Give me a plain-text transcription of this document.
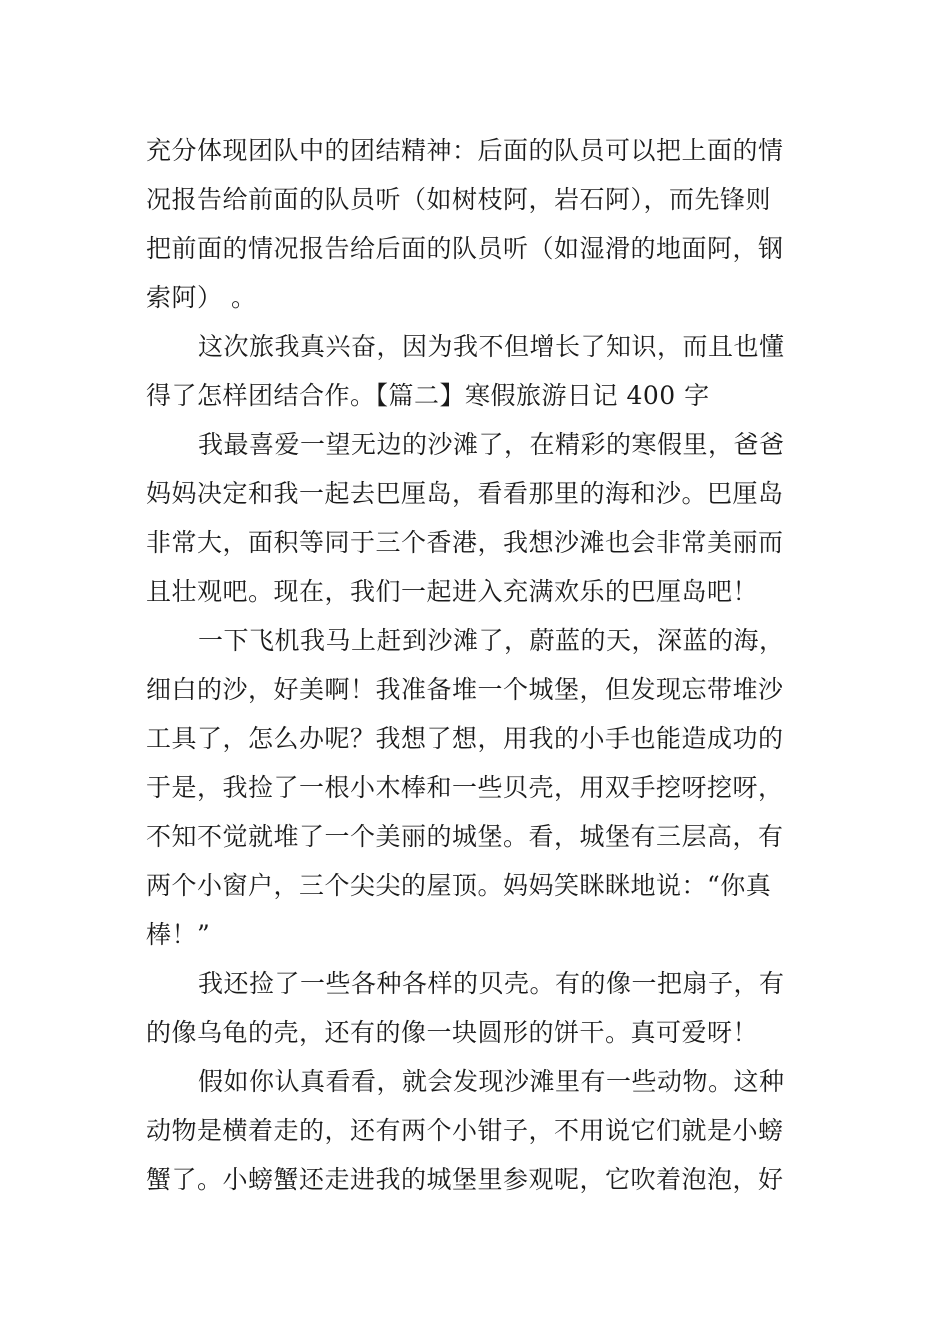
充分体现团队中的团结精神：后面的队员可以把上面的情
况报告给前面的队员听（如树枝阿，岩石阿），而先锋则
把前面的情况报告给后面的队员听（如湿滑的地面阿，钢
索阿） 。
这次旅我真兴奋，因为我不但增长了知识，而且也懂
得了怎样团结合作。【篇二】寒假旅游日记 400 字
我最喜爱一望无边的沙滩了，在精彩的寒假里，爸爸
妈妈决定和我一起去巴厘岛，看看那里的海和沙。巴厘岛
非常大，面积等同于三个香港，我想沙滩也会非常美丽而
且壮观吧。现在，我们一起进入充满欢乐的巴厘岛吧！
一下飞机我马上赶到沙滩了，蔚蓝的天，深蓝的海，
细白的沙，好美啊！我准备堆一个城堡，但发现忘带堆沙
工具了，怎么办呢？我想了想，用我的小手也能造成功的
于是，我捡了一根小木棒和一些贝壳，用双手挖呀挖呀，
不知不觉就堆了一个美丽的城堡。看，城堡有三层高，有
两个小窗户，三个尖尖的屋顶。妈妈笑眯眯地说：“你真
棒！”
我还捡了一些各种各样的贝壳。有的像一把扇子，有
的像乌龟的壳，还有的像一块圆形的饼干。真可爱呀！
假如你认真看看，就会发现沙滩里有一些动物。这种
动物是横着走的，还有两个小钳子，不用说它们就是小螃
蟹了。小螃蟹还走进我的城堡里参观呢，它吹着泡泡，好
